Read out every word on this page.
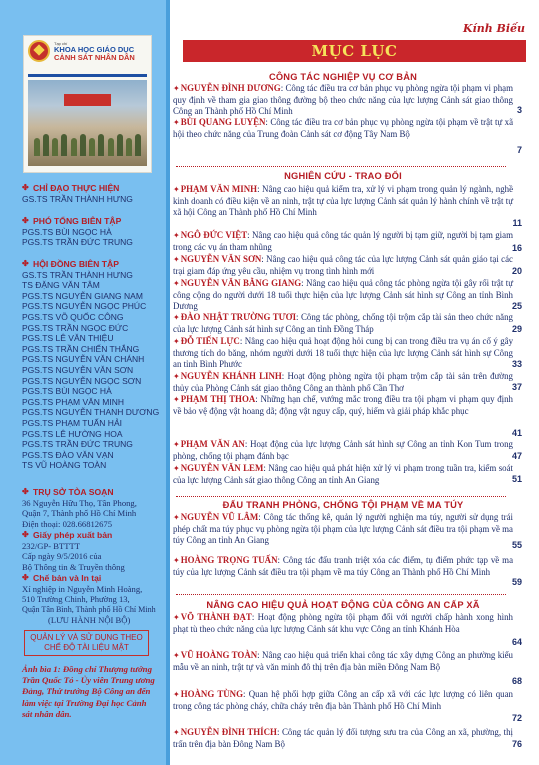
Tạp chí
KHOA HỌC GIÁO DỤC
CẢNH SÁT NHÂN DÂN
✤ CHỈ ĐẠO THỰC HIỆN
GS.TS TRẦN THÀNH HƯNG
✤ PHÓ TỔNG BIÊN TẬP
PGS.TS BÙI NGỌC HÀ
PGS.TS TRẦN ĐỨC TRUNG
✤ HỘI ĐỒNG BIÊN TẬP
GS.TS TRẦN THÀNH HƯNG
TS ĐẶNG VĂN TÂM
PGS.TS NGUYỄN GIANG NAM
PGS.TS NGUYỄN NGỌC PHÚC
PGS.TS VÕ QUỐC CÔNG
PGS.TS TRẦN NGỌC ĐỨC
PGS.TS LÊ VĂN THIỆU
PGS.TS TRẦN CHIẾN THẮNG
PGS.TS NGUYỄN VĂN CHÁNH
PGS.TS NGUYỄN VĂN SƠN
PGS.TS NGUYỄN NGỌC SƠN
PGS.TS BÙI NGỌC HÀ
PGS.TS PHẠM VĂN MINH
PGS.TS NGUYỄN THANH DƯƠNG
PGS.TS PHẠM TUẤN HẢI
PGS.TS LÊ HƯỜNG HOA
PGS.TS TRẦN ĐỨC TRUNG
PGS.TS ĐÀO VĂN VẠN
TS VŨ HOÀNG TOÀN
✤ TRỤ SỞ TÒA SOẠN
36 Nguyễn Hữu Thọ, Tân Phong,
Quận 7, Thành phố Hồ Chí Minh
Điện thoại: 028.66812675
✤ Giấy phép xuất bản
232/GP- BTTTT
Cấp ngày 9/5/2016 của
Bộ Thông tin & Truyền thông
✤ Chế bản và In tại
Xí nghiệp in Nguyễn Minh Hoàng,
510 Trường Chinh, Phường 13,
Quận Tân Bình, Thành phố Hồ Chí Minh
(LƯU HÀNH NỘI BỘ)
QUẢN LÝ VÀ SỬ DỤNG THEO CHẾ ĐỘ TÀI LIỆU MẬT
Ảnh bìa 1: Đồng chí Thượng tướng Trần Quốc Tỏ - Ủy viên Trung ương Đảng, Thứ trưởng Bộ Công an đến làm việc tại Trường Đại học Cảnh sát nhân dân.
Kính Biếu
MỤC LỤC
CÔNG TÁC NGHIỆP VỤ CƠ BẢN
✦NGUYỄN ĐÌNH DƯƠNG: Công tác điều tra cơ bản phục vụ phòng ngừa tội phạm vi phạm quy định về tham gia giao thông đường bộ theo chức năng của lực lượng Cảnh sát giao thông Công an Thành phố Hồ Chí Minh	3
✦BÙI QUANG LUYỆN: Công tác điều tra cơ bản phục vụ phòng ngừa tội phạm về trật tự xã hội theo chức năng của Trung đoàn Cảnh sát cơ động Tây Nam Bộ
7
NGHIÊN CỨU - TRAO ĐỔI
✦PHẠM VĂN MINH: Nâng cao hiệu quả kiểm tra, xử lý vi phạm trong quản lý ngành, nghề kinh doanh có điều kiện về an ninh, trật tự của lực lượng Cảnh sát quản lý hành chính về trật tự xã hội Công an Thành phố Hồ Chí Minh
11
✦NGÔ ĐỨC VIỆT: Nâng cao hiệu quả công tác quản lý người bị tạm giữ, người bị tạm giam trong các vụ án tham nhũng	16
✦NGUYỄN VĂN SƠN: Nâng cao hiệu quả công tác của lực lượng Cảnh sát quản giáo tại các trại giam đáp ứng yêu cầu, nhiệm vụ trong tình hình mới	20
✦NGUYỄN VĂN BẰNG GIANG: Nâng cao hiệu quả công tác phòng ngừa tội gây rối trật tự công cộng do người dưới 18 tuổi thực hiện của lực lượng Cảnh sát hình sự Công an tỉnh Bình Dương	25
✦ĐÀO NHẬT TRƯỜNG TƯƠI: Công tác phòng, chống tội trộm cắp tài sản theo chức năng của lực lượng Cảnh sát hình sự Công an tỉnh Đồng Tháp	29
✦ĐỖ TIẾN LỰC: Nâng cao hiệu quả hoạt động hỏi cung bị can trong điều tra vụ án cố ý gây thương tích do băng, nhóm người dưới 18 tuổi thực hiện của lực lượng Cảnh sát hình sự Công an tỉnh Bình Phước	33
✦NGUYỄN KHÁNH LINH: Hoạt động phòng ngừa tội phạm trộm cắp tài sản trên đường thủy của Phòng Cảnh sát giao thông Công an thành phố Cần Thơ	37
✦PHẠM THỊ THOA: Những hạn chế, vướng mắc trong điều tra tội phạm vi phạm quy định về bảo vệ động vật hoang dã; động vật nguy cấp, quý, hiếm và giải pháp khắc phục
41
✦PHẠM VĂN AN: Hoạt động của lực lượng Cảnh sát hình sự Công an tỉnh Kon Tum trong phòng, chống tội phạm đánh bạc	47
✦NGUYỄN VĂN LEM: Nâng cao hiệu quả phát hiện xử lý vi phạm trong tuần tra, kiểm soát của lực lượng Cảnh sát giao thông Công an tỉnh An Giang	51
ĐẤU TRANH PHÒNG, CHỐNG TỘI PHẠM VỀ MA TÚY
✦NGUYỄN VŨ LÂM: Công tác thống kê, quản lý người nghiện ma túy, người sử dụng trái phép chất ma túy phục vụ phòng ngừa tội phạm của lực lượng Cảnh sát điều tra tội phạm về ma túy Công an tỉnh An Giang
55
✦HOÀNG TRỌNG TUẤN: Công tác đấu tranh triệt xóa các điểm, tụ điểm phức tạp về ma túy của lực lượng Cảnh sát điều tra tội phạm về ma túy Công an Thành phố Hồ Chí Minh
59
NÂNG CAO HIỆU QUẢ HOẠT ĐỘNG CỦA CÔNG AN CẤP XÃ
✦VÕ THÀNH ĐẠT: Hoạt động phòng ngừa tội phạm đối với người chấp hành xong hình phạt tù theo chức năng của lực lượng Cảnh sát khu vực Công an tỉnh Khánh Hòa
64
✦VŨ HOÀNG TOÀN: Nâng cao hiệu quả triển khai công tác xây dựng Công an phường kiểu mẫu về an ninh, trật tự và văn minh đô thị trên địa bàn miền Đông Nam Bộ
68
✦HOÀNG TÙNG: Quan hệ phối hợp giữa Công an cấp xã với các lực lượng có liên quan trong công tác phòng cháy, chữa cháy trên địa bàn Thành phố Hồ Chí Minh
72
✦NGUYỄN ĐÌNH THÍCH: Công tác quản lý đối tượng sưu tra của Công an xã, phường, thị trấn trên địa bàn Đông Nam Bộ	76
